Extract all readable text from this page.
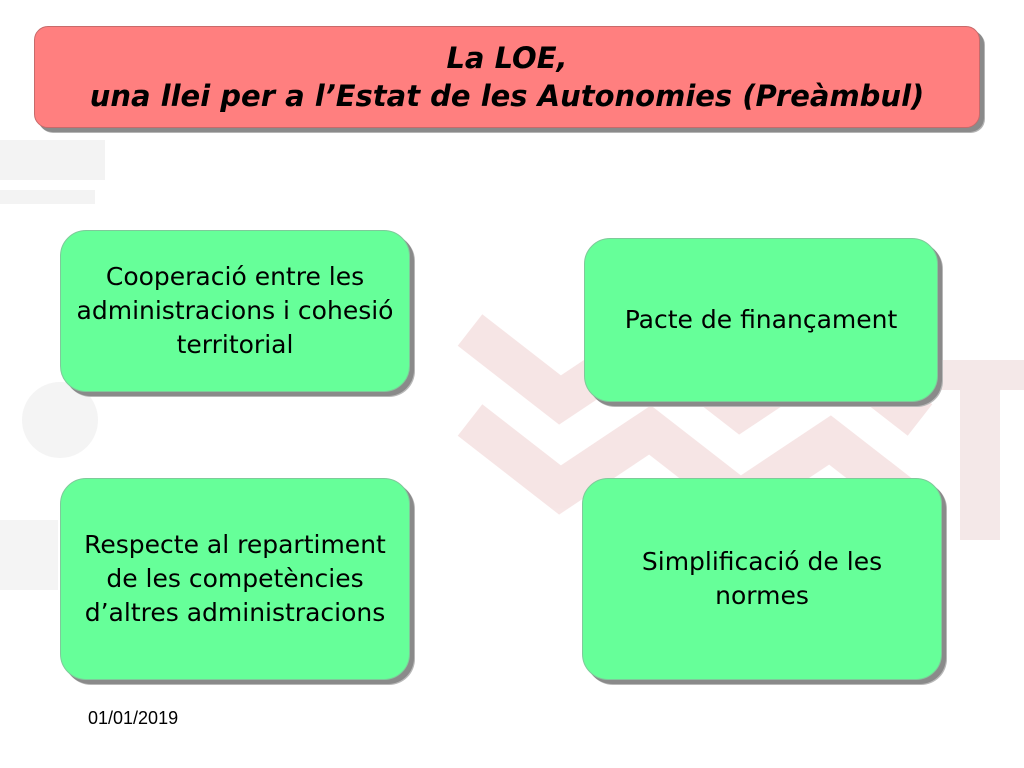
La LOE,
una llei per a l’Estat de les Autonomies (Preàmbul)
Cooperació entre les administracions i cohesió territorial
Pacte de finançament
Respecte al repartiment de les competències d’altres administracions
Simplificació de les normes
01/01/2019
